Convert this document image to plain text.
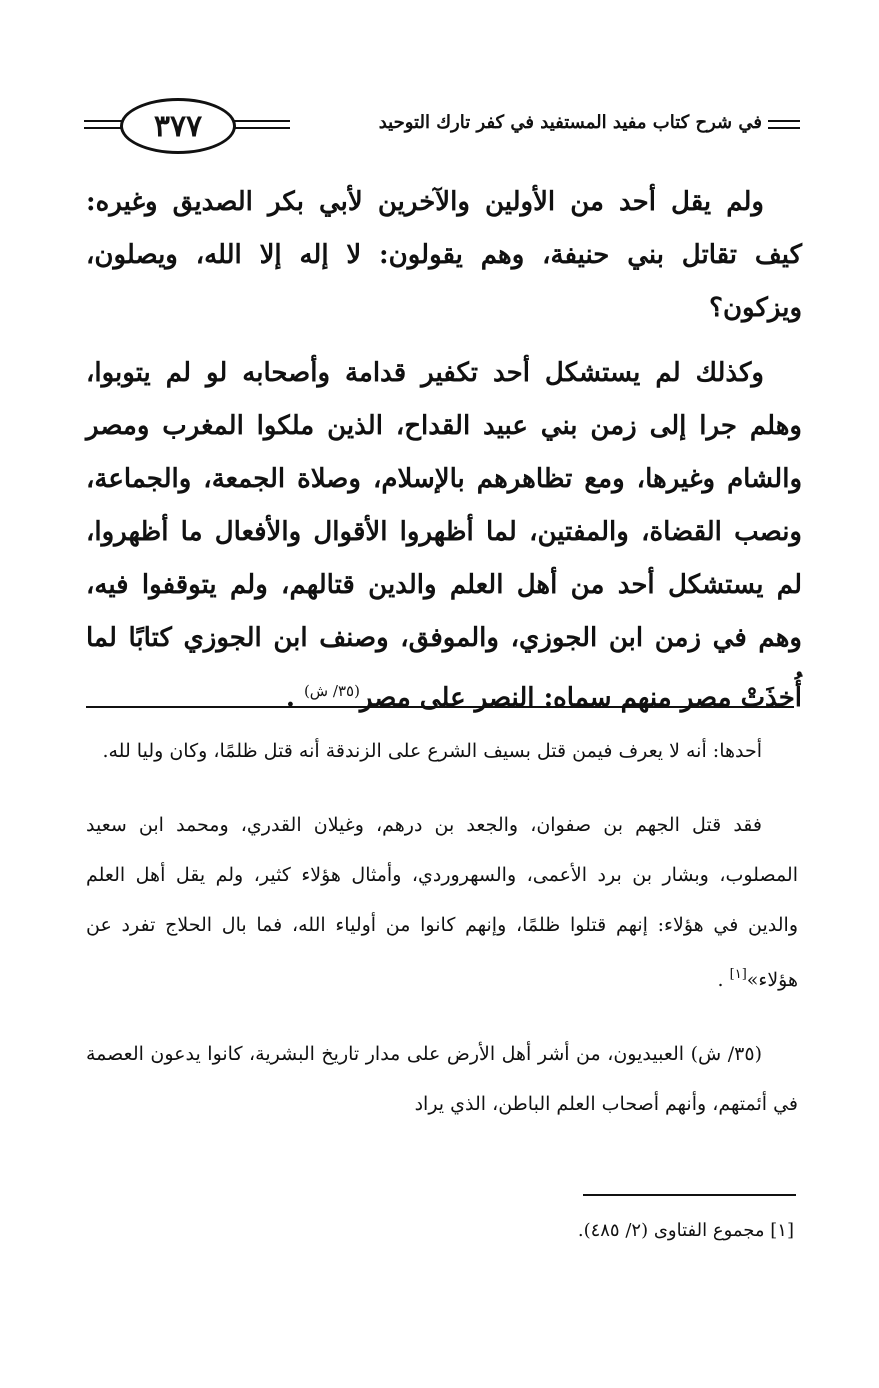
٣٧٧	في شرح كتاب مفيد المستفيد في كفر تارك التوحيد

ولم يقل أحد من الأولين والآخرين لأبي بكر الصديق وغيره: كيف تقاتل بني حنيفة، وهم يقولون: لا إله إلا الله، ويصلون، ويزكون؟

وكذلك لم يستشكل أحد تكفير قدامة وأصحابه لو لم يتوبوا، وهلم جرا إلى زمن بني عبيد القداح، الذين ملكوا المغرب ومصر والشام وغيرها، ومع تظاهرهم بالإسلام، وصلاة الجمعة، والجماعة، ونصب القضاة، والمفتين، لما أظهروا الأقوال والأفعال ما أظهروا، لم يستشكل أحد من أهل العلم والدين قتالهم، ولم يتوقفوا فيه، وهم في زمن ابن الجوزي، والموفق، وصنف ابن الجوزي كتابًا لما أُخذَتْ مصر منهم سماه: النصر على مصر$^{(٣٥/ ش)}$ .

أحدها: أنه لا يعرف فيمن قتل بسيف الشرع على الزندقة أنه قتل ظلمًا، وكان وليا لله.

فقد قتل الجهم بن صفوان، والجعد بن درهم، وغيلان القدري، ومحمد ابن سعيد المصلوب، وبشار بن برد الأعمى، والسهروردي، وأمثال هؤلاء كثير، ولم يقل أهل العلم والدين في هؤلاء: إنهم قتلوا ظلمًا، وإنهم كانوا من أولياء الله، فما بال الحلاج تفرد عن هؤلاء»[١] .

(٣٥/ ش) العبيديون، من أشر أهل الأرض على مدار تاريخ البشرية، كانوا يدعون العصمة في أئمتهم، وأنهم أصحاب العلم الباطن، الذي يراد

[١] مجموع الفتاوى (٢/ ٤٨٥).
